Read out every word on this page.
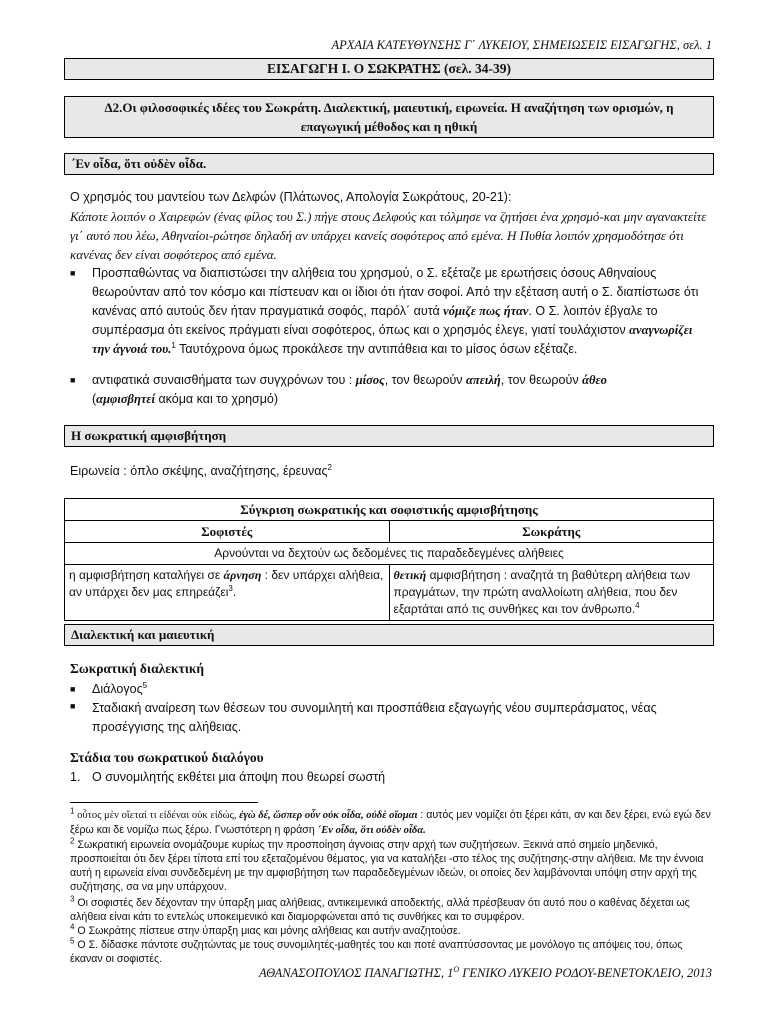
ΑΡΧΑΙΑ ΚΑΤΕΥΘΥΝΣΗΣ Γ΄ ΛΥΚΕΙΟΥ, ΣΗΜΕΙΩΣΕΙΣ ΕΙΣΑΓΩΓΗΣ, σελ. 1
ΕΙΣΑΓΩΓΗ Ι. Ο ΣΩΚΡΑΤΗΣ (σελ. 34-39)
Δ2.Οι φιλοσοφικές ιδέες του Σωκράτη. Διαλεκτική, μαιευτική, ειρωνεία. Η αναζήτηση των ορισμών, η
επαγωγική μέθοδος και η ηθική
΄Εν οἶδα, ὅτι οὐδὲν οἶδα.

Ο χρησμός του μαντείου των Δελφών (Πλάτωνος, Απολογία Σωκράτους, 20-21):

Κάποτε λοιπόν ο Χαιρεφών (ένας φίλος του Σ.) πήγε στους Δελφούς και τόλμησε να ζητήσει ένα χρησμό-και μην αγανακτείτε γι΄ αυτό που λέω, Αθηναίοι-ρώτησε δηλαδή αν υπάρχει κανείς σοφότερος από εμένα. Η Πυθία λοιπόν χρησμοδότησε ότι κανένας δεν είναι σοφότερος από εμένα.

■ Προσπαθώντας να διαπιστώσει την αλήθεια του χρησμού, ο Σ. εξέταζε με ερωτήσεις όσους Αθηναίους θεωρούνταν από τον κόσμο και πίστευαν και οι ίδιοι ότι ήταν σοφοί. Από την εξέταση αυτή ο Σ. διαπίστωσε ότι κανένας από αυτούς δεν ήταν πραγματικά σοφός, παρόλ΄ αυτά νόμιζε πως ήταν. Ο Σ. λοιπόν έβγαλε το συμπέρασμα ότι εκείνος πράγματι είναι σοφότερος, όπως και ο χρησμός έλεγε, γιατί τουλάχιστον αναγνωρίζει την άγνοιά του.$^1$ Ταυτόχρονα όμως προκάλεσε την αντιπάθεια και το μίσος όσων εξέταζε.
■ αντιφατικά συναισθήματα των συγχρόνων του : μίσος, τον θεωρούν απειλή, τον θεωρούν άθεο
(αμφισβητεί ακόμα και το χρησμό)
Η σωκρατική αμφισβήτηση

Ειρωνεία : όπλο σκέψης, αναζήτησης, έρευνας$^2$

Σύγκριση σωκρατικής και σοφιστικής αμφισβήτησης	
Σοφιστές	Σωκράτης
Αρνούνται να δεχτούν ως δεδομένες τις παραδεδεγμένες αλήθειες	
η αμφισβήτηση καταλήγει σε άρνηση : δεν υπάρχει αλήθεια, αν υπάρχει δεν μας επηρεάζει$^3$.	θετική αμφισβήτηση : αναζητά τη βαθύτερη αλήθεια των πραγμάτων, την πρώτη αναλλοίωτη αλήθεια, που δεν εξαρτάται από τις συνθήκες και τον άνθρωπο.$^4$
Διαλεκτική και μαιευτική
Σωκρατική διαλεκτική
■ Διάλογος$^5$
Σταδιακή αναίρεση των θέσεων του συνομιλητή και προσπάθεια εξαγωγής νέου συμπεράσματος, νέας προσέγγισης της αλήθειας.
■
Στάδια του σωκρατικού διαλόγου
1. Ο συνομιλητής εκθέτει μια άποψη που θεωρεί σωστή
$^1$ οὗτος μὲν οἴεταί τι εἰδέναι οὐκ εἰδώς, ἐγὼ δέ, ὥσπερ οὖν οὐκ οἶδα, οὐδὲ οἴομαι : αυτός μεν νομίζει ότι ξέρει κάτι, αν και δεν ξέρει, ενώ εγώ δεν ξέρω και δε νομίζω πως ξέρω. Γνωστότερη η φράση ΄Εν οἶδα, ὅτι οὐδὲν οἶδα.
$^2$ Σωκρατική ειρωνεία ονομάζουμε κυρίως την προσποίηση άγνοιας στην αρχή των συζητήσεων. Ξεκινά από σημείο μηδενικό, προσποιείται ότι δεν ξέρει τίποτα επί του εξεταζομένου θέματος, για να καταλήξει -στο τέλος της συζήτησης-στην αλήθεια. Με την έννοια αυτή η ειρωνεία είναι συνδεδεμένη με την αμφισβήτηση των παραδεδεγμένων ιδεών, οι οποίες δεν λαμβάνονται υπόψη στην αρχή της συζήτησης, σα να μην υπάρχουν.
$^3$ Οι σοφιστές δεν δέχονταν την ύπαρξη μιας αλήθειας, αντικειμενικά αποδεκτής, αλλά πρέσβευαν ότι αυτό που ο καθένας δέχεται ως αλήθεια είναι κάτι το εντελώς υποκειμενικό και διαμορφώνεται από τις συνθήκες και το συμφέρον.
$^4$ Ο Σωκράτης πίστευε στην ύπαρξη μιας και μόνης αλήθειας και αυτήν αναζητούσε.
$^5$ Ο Σ. δίδασκε πάντοτε συζητώντας με τους συνομιλητές-μαθητές του και ποτέ αναπτύσσοντας με μονόλογο τις απόψεις του, όπως έκαναν οι σοφιστές.
ΑΘΑΝΑΣΟΠΟΥΛΟΣ ΠΑΝΑΓΙΩΤΗΣ, $1^O$ ΓΕΝΙΚΟ ΛΥΚΕΙΟ ΡΟΔΟΥ-ΒΕΝΕΤΟΚΛΕΙΟ, 2013
